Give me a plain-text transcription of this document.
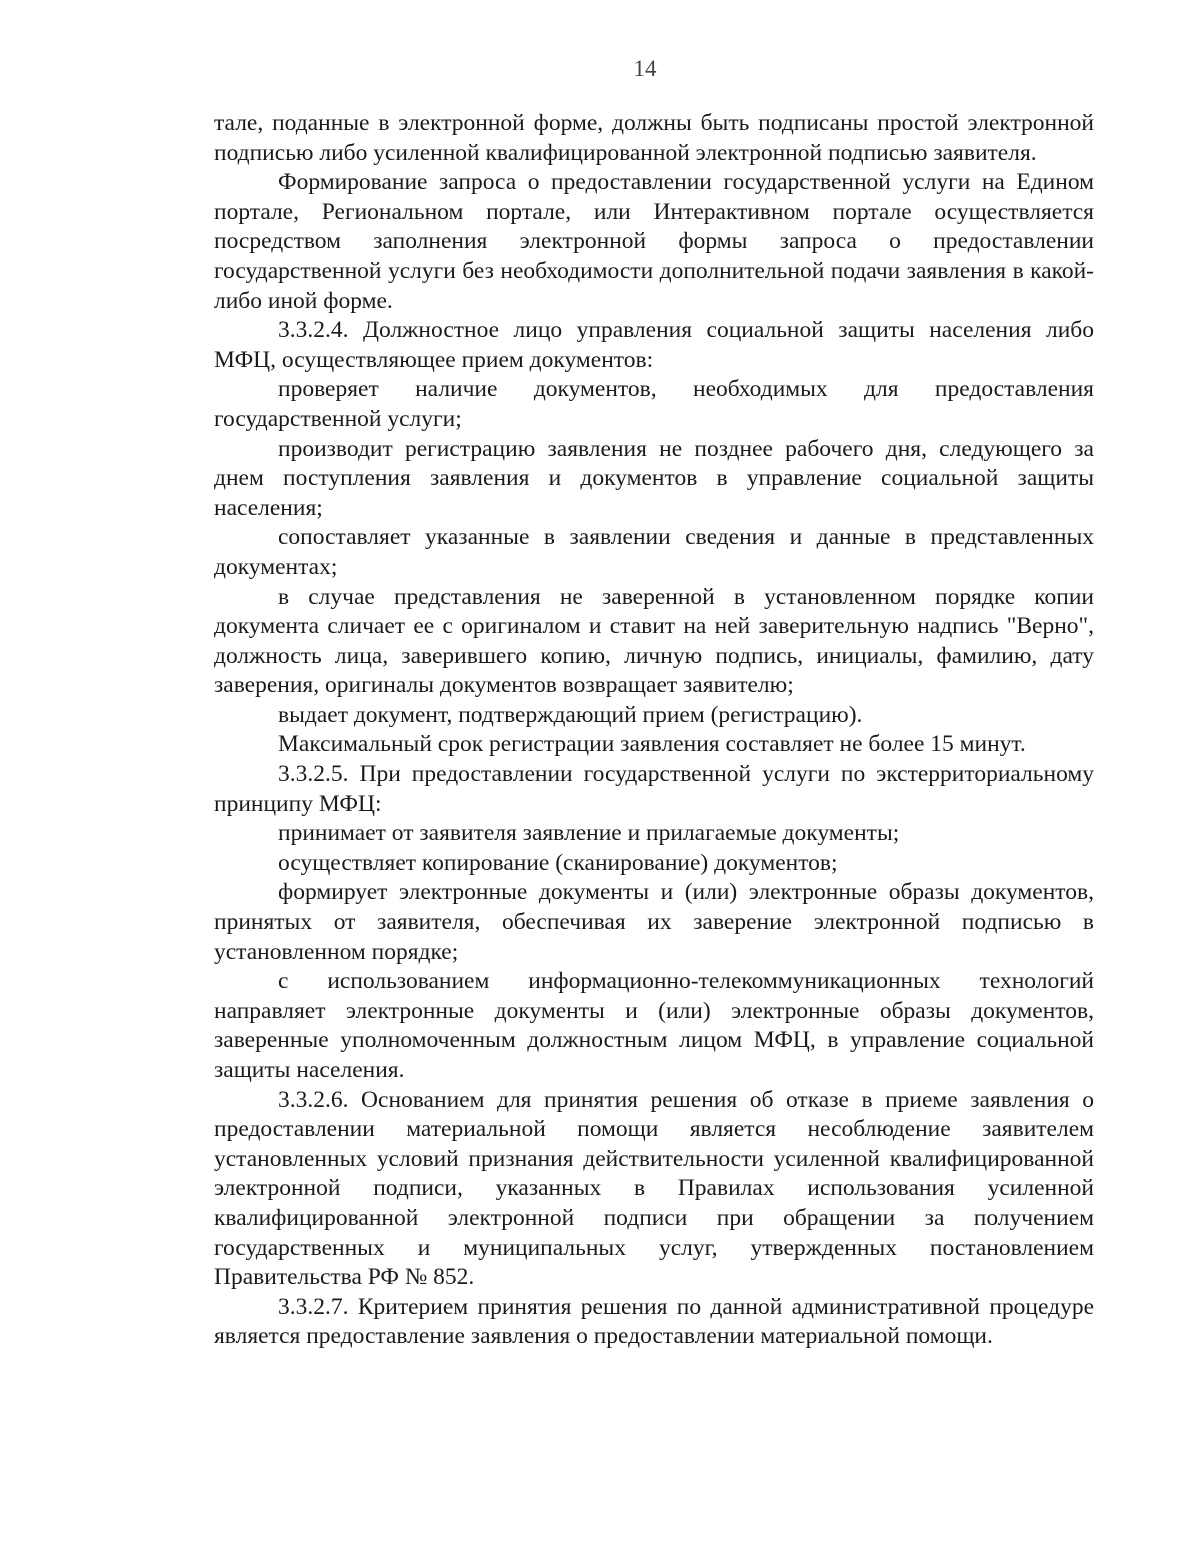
14

тале, поданные в электронной форме, должны быть подписаны простой электронной подписью либо усиленной квалифицированной электронной подписью заявителя.

Формирование запроса о предоставлении государственной услуги на Едином портале, Региональном портале, или Интерактивном портале осуществляется посредством заполнения электронной формы запроса о предоставлении государственной услуги без необходимости дополнительной подачи заявления в какой-либо иной форме.

3.3.2.4. Должностное лицо управления социальной защиты населения либо МФЦ, осуществляющее прием документов:

проверяет наличие документов, необходимых для предоставления государственной услуги;

производит регистрацию заявления не позднее рабочего дня, следующего за днем поступления заявления и документов в управление социальной защиты населения;

сопоставляет указанные в заявлении сведения и данные в представленных документах;

в случае представления не заверенной в установленном порядке копии документа сличает ее с оригиналом и ставит на ней заверительную надпись "Верно", должность лица, заверившего копию, личную подпись, инициалы, фамилию, дату заверения, оригиналы документов возвращает заявителю;

выдает документ, подтверждающий прием (регистрацию).

Максимальный срок регистрации заявления составляет не более 15 минут.

3.3.2.5. При предоставлении государственной услуги по экстерриториальному принципу МФЦ:

принимает от заявителя заявление и прилагаемые документы;

осуществляет копирование (сканирование) документов;

формирует электронные документы и (или) электронные образы документов, принятых от заявителя, обеспечивая их заверение электронной подписью в установленном порядке;

с использованием информационно-телекоммуникационных технологий направляет электронные документы и (или) электронные образы документов, заверенные уполномоченным должностным лицом МФЦ, в управление социальной защиты населения.

3.3.2.6. Основанием для принятия решения об отказе в приеме заявления о предоставлении материальной помощи является несоблюдение заявителем установленных условий признания действительности усиленной квалифицированной электронной подписи, указанных в Правилах использования усиленной квалифицированной электронной подписи при обращении за получением государственных и муниципальных услуг, утвержденных постановлением Правительства РФ № 852.

3.3.2.7. Критерием принятия решения по данной административной процедуре является предоставление заявления о предоставлении материальной помощи.
